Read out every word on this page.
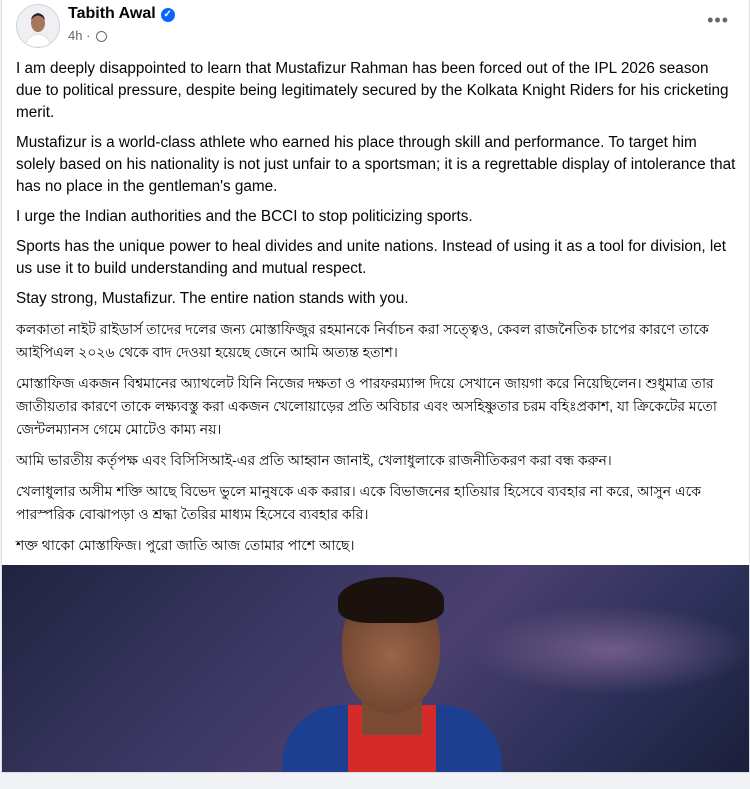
Tabith Awal ✓
4h ·
•••

I am deeply disappointed to learn that Mustafizur Rahman has been forced out of the IPL 2026 season due to political pressure, despite being legitimately secured by the Kolkata Knight Riders for his cricketing merit.

Mustafizur is a world-class athlete who earned his place through skill and performance. To target him solely based on his nationality is not just unfair to a sportsman; it is a regrettable display of intolerance that has no place in the gentleman's game.

I urge the Indian authorities and the BCCI to stop politicizing sports.

Sports has the unique power to heal divides and unite nations. Instead of using it as a tool for division, let us use it to build understanding and mutual respect.

Stay strong, Mustafizur. The entire nation stands with you.

কলকাতা নাইট রাইডার্স তাদের দলের জন্য মোস্তাফিজুর রহমানকে নির্বাচন করা সত্ত্বেও, কেবল রাজনৈতিক চাপের কারণে তাকে আইপিএল ২০২৬ থেকে বাদ দেওয়া হয়েছে জেনে আমি অত্যন্ত হতাশ।

মোস্তাফিজ একজন বিশ্বমানের অ্যাথলেট যিনি নিজের দক্ষতা ও পারফরম্যান্স দিয়ে সেখানে জায়গা করে নিয়েছিলেন। শুধুমাত্র তার জাতীয়তার কারণে তাকে লক্ষ্যবস্তু করা একজন খেলোয়াড়ের প্রতি অবিচার এবং অসহিষ্ণুতার চরম বহিঃপ্রকাশ, যা ক্রিকেটের মতো জেন্টলম্যানস গেমে মোটেও কাম্য নয়।

আমি ভারতীয় কর্তৃপক্ষ এবং বিসিসিআই-এর প্রতি আহ্বান জানাই, খেলাধুলাকে রাজনীতিকরণ করা বন্ধ করুন।

খেলাধুলার অসীম শক্তি আছে বিভেদ ভুলে মানুষকে এক করার। একে বিভাজনের হাতিয়ার হিসেবে ব্যবহার না করে, আসুন একে পারস্পরিক বোঝাপড়া ও শ্রদ্ধা তৈরির মাধ্যম হিসেবে ব্যবহার করি।

শক্ত থাকো মোস্তাফিজ। পুরো জাতি আজ তোমার পাশে আছে।
